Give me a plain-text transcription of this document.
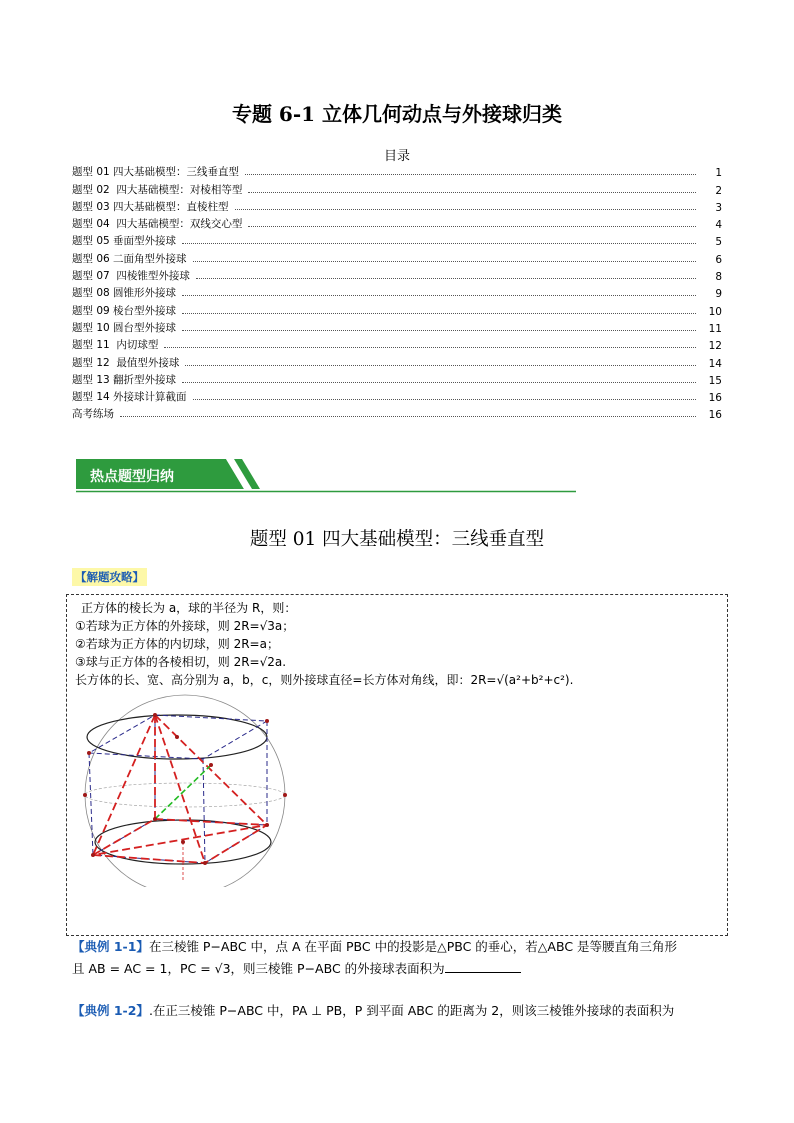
专题 6-1 立体几何动点与外接球归类
目录
题型 01 四大基础模型：三线垂直型	1
题型 02  四大基础模型：对棱相等型	2
题型 03 四大基础模型：直棱柱型	3
题型 04  四大基础模型：双线交心型	4
题型 05 垂面型外接球	5
题型 06 二面角型外接球	6
题型 07  四棱锥型外接球	8
题型 08 圆锥形外接球	9
题型 09 棱台型外接球	10
题型 10 圆台型外接球	11
题型 11  内切球型	12
题型 12  最值型外接球	14
题型 13 翻折型外接球	15
题型 14 外接球计算截面	16
高考练场	16
热点题型归纳
题型 01 四大基础模型：三线垂直型
【解题攻略】
正方体的棱长为 a，球的半径为 R，则：
①若球为正方体的外接球，则 2R=√3a；
②若球为正方体的内切球，则 2R=a；
③球与正方体的各棱相切，则 2R=√2a.
长方体的长、宽、高分别为 a，b，c，则外接球直径=长方体对角线，即：2R=√(a²+b²+c²).
【典例 1-1】在三棱锥 P−ABC 中，点 A 在平面 PBC 中的投影是△PBC 的垂心，若△ABC 是等腰直角三角形
且 AB = AC = 1，PC = √3，则三棱锥 P−ABC 的外接球表面积为
【典例 1-2】.在正三棱锥 P−ABC 中，PA ⊥ PB，P 到平面 ABC 的距离为 2，则该三棱锥外接球的表面积为
